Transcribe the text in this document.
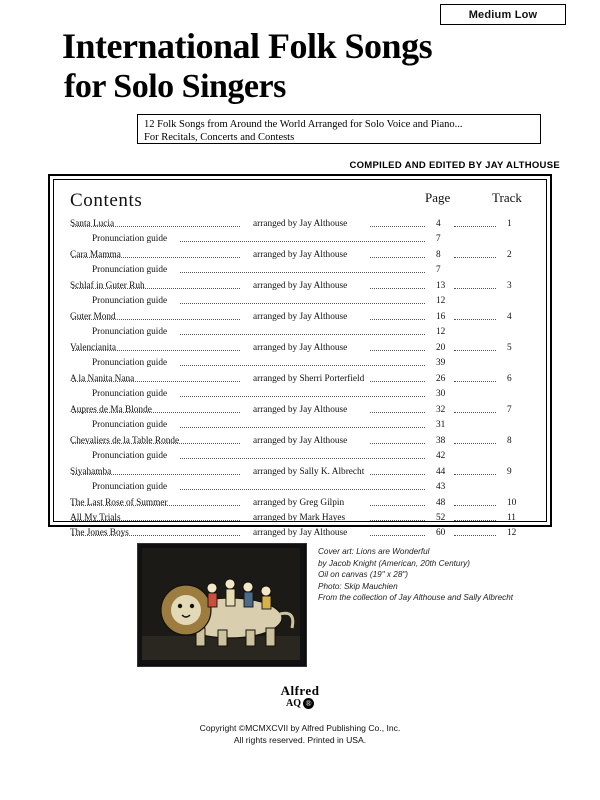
Medium Low
International Folk Songs
for Solo Singers
12 Folk Songs from Around the World Arranged for Solo Voice and Piano...
For Recitals, Concerts and Contests
COMPILED AND EDITED BY JAY ALTHOUSE
Contents	Page	Track
Santa Lucia	arranged by Jay Althouse	4	1
Pronunciation guide	7
Cara Mamma	arranged by Jay Althouse	8	2
Pronunciation guide	7
Schlaf in Guter Ruh	arranged by Jay Althouse	13	3
Pronunciation guide	12
Guter Mond	arranged by Jay Althouse	16	4
Pronunciation guide	12
Valencianita	arranged by Jay Althouse	20	5
Pronunciation guide	39
A la Nanita Nana	arranged by Sherri Porterfield	26	6
Pronunciation guide	30
Aupres de Ma Blonde	arranged by Jay Althouse	32	7
Pronunciation guide	31
Chevaliers de la Table Ronde	arranged by Jay Althouse	38	8
Pronunciation guide	42
Siyahamba	arranged by Sally K. Albrecht	44	9
Pronunciation guide	43
The Last Rose of Summer	arranged by Greg Gilpin	48	10
All My Trials	arranged by Mark Hayes	52	11
The Jones Boys	arranged by Jay Althouse	60	12
Cover art: Lions are Wonderful
by Jacob Knight (American, 20th Century)
Oil on canvas (19" x 28")
Photo: Skip Mauchien
From the collection of Jay Althouse and Sally Albrecht
Alfred
AQ ®
Copyright ©MCMXCVII by Alfred Publishing Co., Inc.
All rights reserved. Printed in USA.
